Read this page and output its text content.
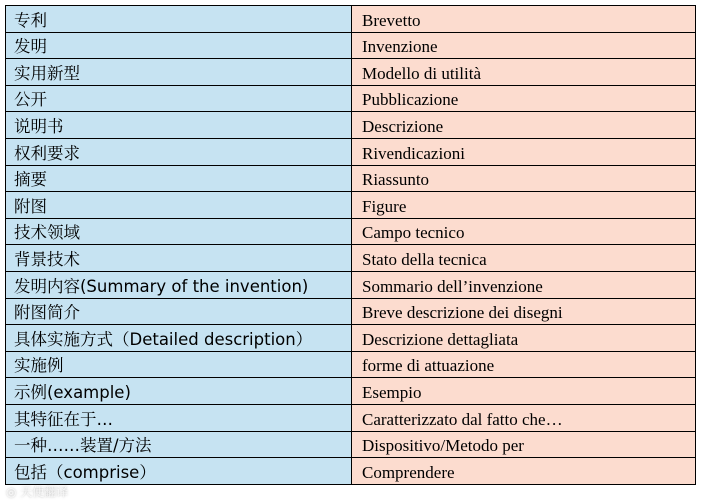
专利	Brevetto
发明	Invenzione
实用新型	Modello di utilità
公开	Pubblicazione
说明书	Descrizione
权利要求	Rivendicazioni
摘要	Riassunto
附图	Figure
技术领域	Campo tecnico
背景技术	Stato della tecnica
发明内容(Summary of the invention)	Sommario dell’invenzione
附图简介	Breve descrizione dei disegni
具体实施方式（Detailed description）	Descrizione dettagliata
实施例	forme di attuazione
示例(example)	Esempio
其特征在于…	Caratterizzato dal fatto che…
一种……装置/方法	Dispositivo/Metodo per
包括（comprise）	Comprendere
◎ 天使翻译
